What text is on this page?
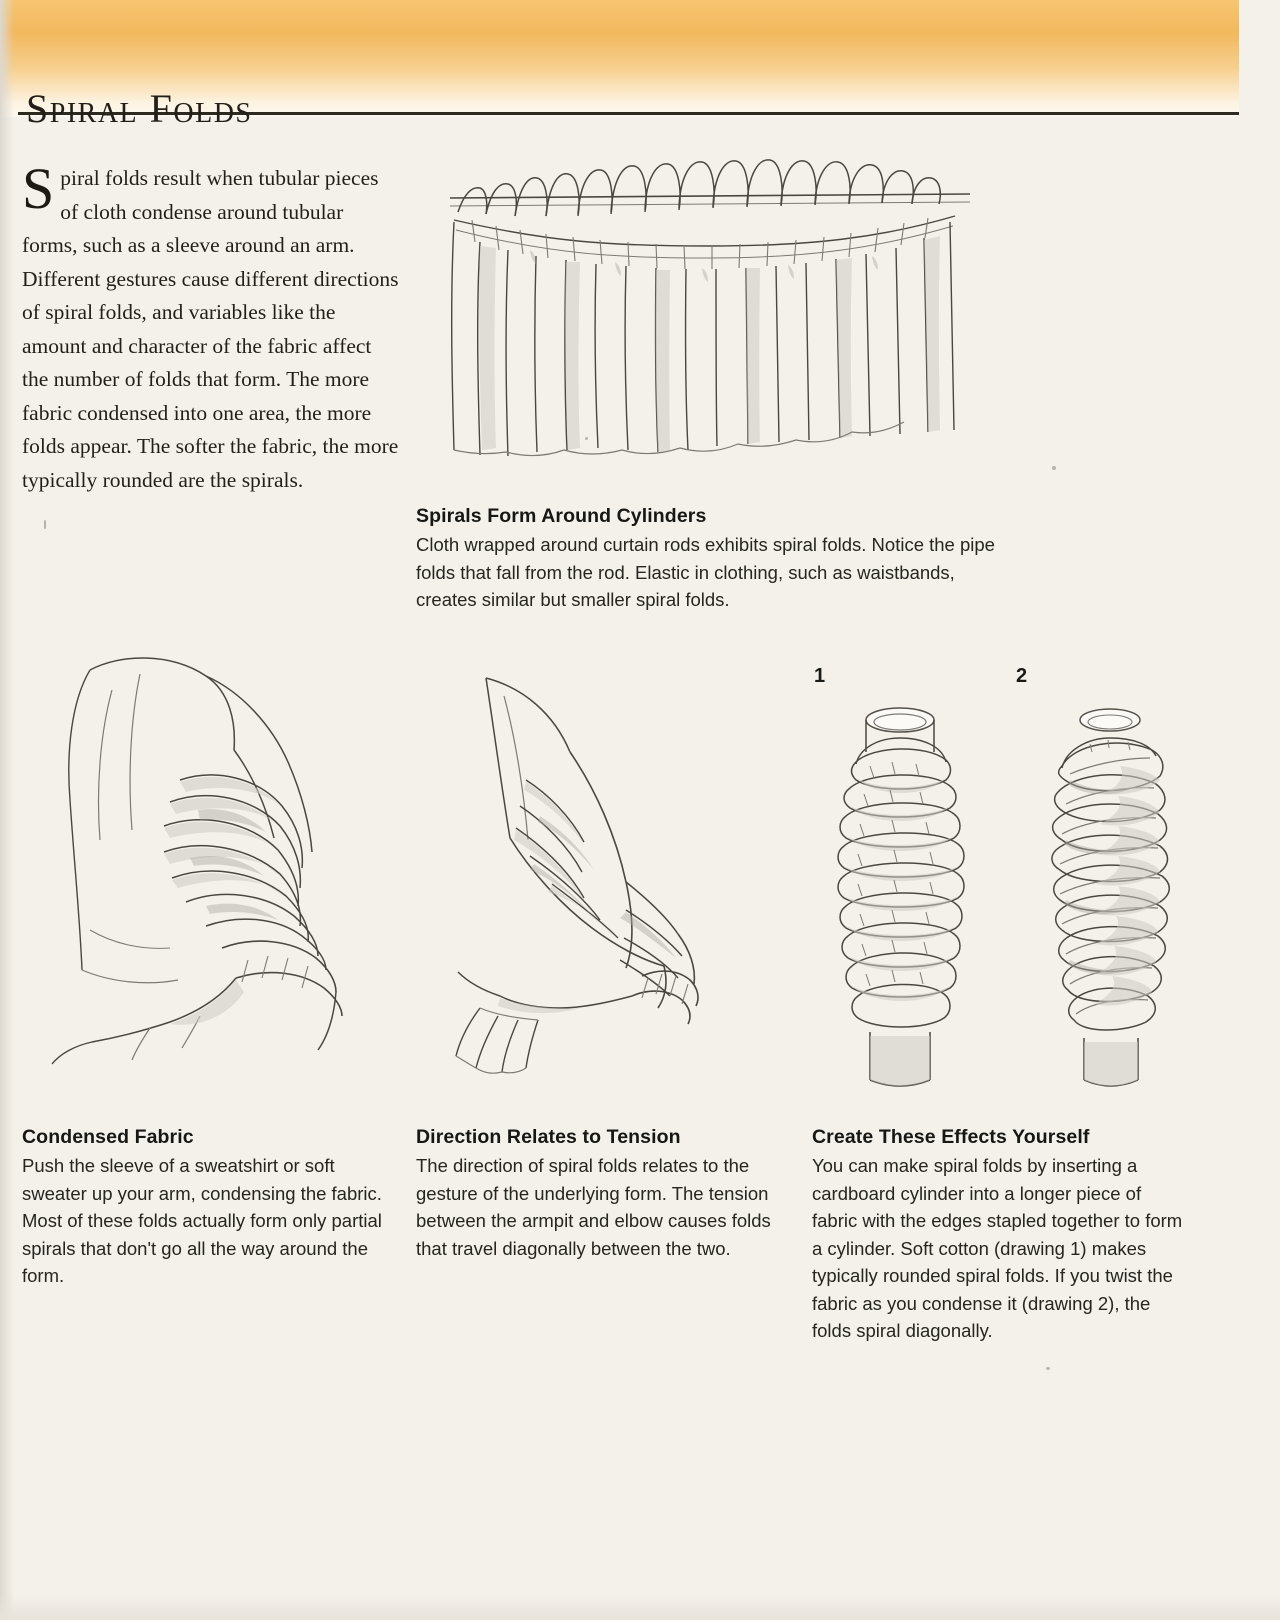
Spiral Folds
Spiral folds result when tubular pieces of cloth condense around tubular forms, such as a sleeve around an arm. Different gestures cause different directions of spiral folds, and variables like the amount and character of the fabric affect the number of folds that form. The more fabric condensed into one area, the more folds appear. The softer the fabric, the more typically rounded are the spirals.
1	2
Spirals Form Around Cylinders

Cloth wrapped around curtain rods exhibits spiral folds. Notice the pipe folds that fall from the rod. Elastic in clothing, such as waistbands, creates similar but smaller spiral folds.

Condensed Fabric

Push the sleeve of a sweatshirt or soft sweater up your arm, condensing the fabric. Most of these folds actually form only partial spirals that don't go all the way around the form.

Direction Relates to Tension

The direction of spiral folds relates to the gesture of the underlying form. The tension between the armpit and elbow causes folds that travel diagonally between the two.

Create These Effects Yourself

You can make spiral folds by inserting a cardboard cylinder into a longer piece of fabric with the edges stapled together to form a cylinder. Soft cotton (drawing 1) makes typically rounded spiral folds. If you twist the fabric as you condense it (drawing 2), the folds spiral diagonally.
